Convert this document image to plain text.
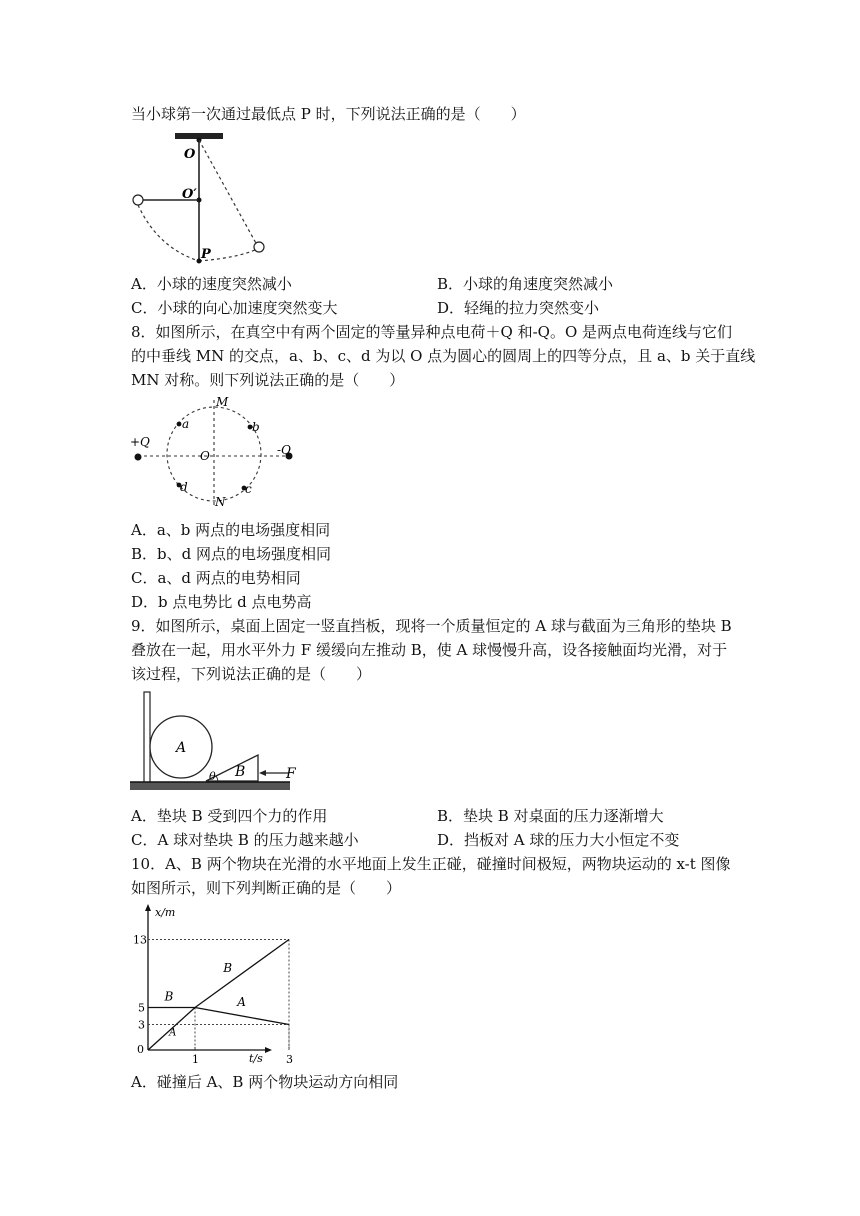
当小球第一次通过最低点 P 时，下列说法正确的是（　　）
O
O′
P
A．小球的速度突然减小	B．小球的角速度突然减小
C．小球的向心加速度突然变大	D．轻绳的拉力突然变小
8．如图所示，在真空中有两个固定的等量异种点电荷＋Q 和-Q。O 是两点电荷连线与它们
的中垂线 MN 的交点，a、b、c、d 为以 O 点为圆心的圆周上的四等分点，且 a、b 关于直线
MN 对称。则下列说法正确的是（　　）
M
N
O
+Q
-Q
a	b
c
d
A．a、b 两点的电场强度相同
B．b、d 网点的电场强度相同
C．a、d 两点的电势相同
D．b 点电势比 d 点电势高
9．如图所示，桌面上固定一竖直挡板，现将一个质量恒定的 A 球与截面为三角形的垫块 B
叠放在一起，用水平外力 F 缓缓向左推动 B，使 A 球慢慢升高，设各接触面均光滑，对于
该过程，下列说法正确的是（　　）
A
B	F
θ
A．垫块 B 受到四个力的作用	B．垫块 B 对桌面的压力逐渐增大
C．A 球对垫块 B 的压力越来越小	D．挡板对 A 球的压力大小恒定不变
10．A、B 两个物块在光滑的水平地面上发生正碰，碰撞时间极短，两物块运动的 x-t 图像
如图所示，则下列判断正确的是（　　）
x/m
t/s
0
1	3
3
5
13
A
B
B
A
A．碰撞后 A、B 两个物块运动方向相同
